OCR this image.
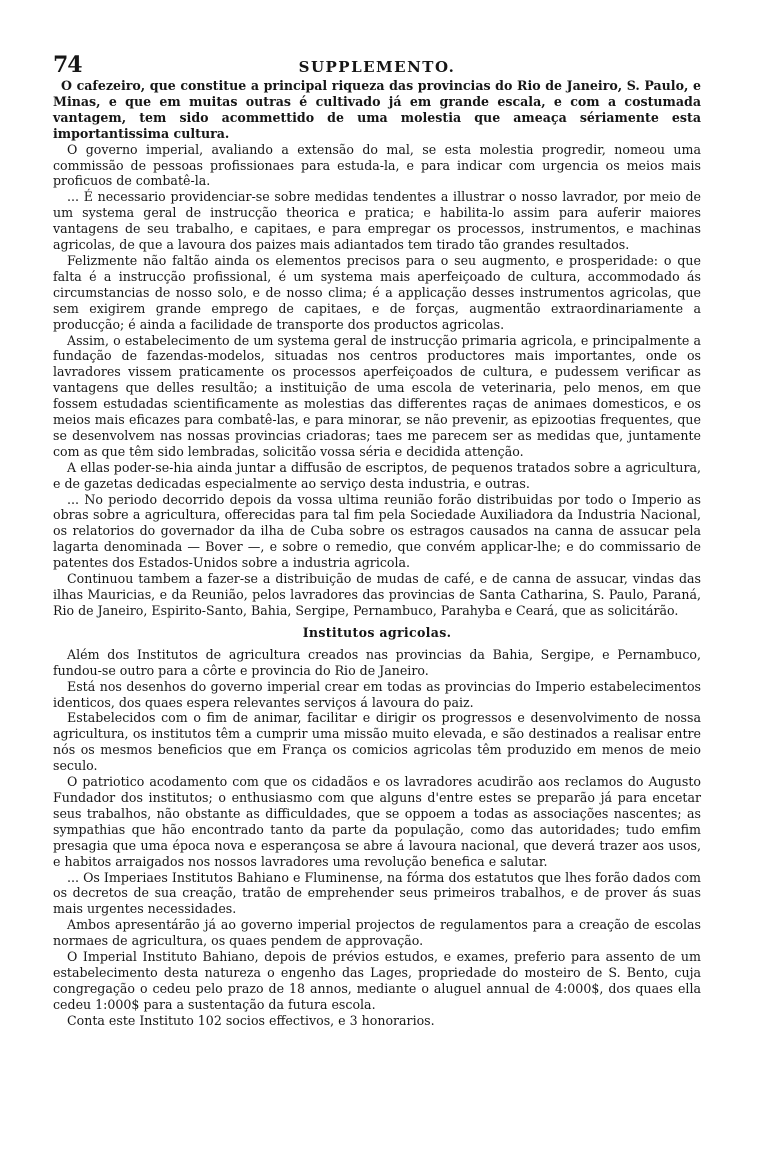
74	SUPPLEMENTO.

O cafezeiro, que constitue a principal riqueza das provincias do Rio de Janeiro, S. Paulo, e Minas, e que em muitas outras é cultivado já em grande escala, e com a costumada vantagem, tem sido acommettido de uma molestia que ameaça sériamente esta importantissima cultura.

O governo imperial, avaliando a extensão do mal, se esta molestia progredir, nomeou uma commissão de pessoas profissionaes para estuda-la, e para indicar com urgencia os meios mais proficuos de combatê-la.

... É necessario providenciar-se sobre medidas tendentes a illustrar o nosso lavrador, por meio de um systema geral de instrucção theorica e pratica; e habilita-lo assim para auferir maiores vantagens de seu trabalho, e capitaes, e para empregar os processos, instrumentos, e machinas agricolas, de que a lavoura dos paizes mais adiantados tem tirado tão grandes resultados.

Felizmente não faltão ainda os elementos precisos para o seu augmento, e prosperidade: o que falta é a instrucção profissional, é um systema mais aperfeiçoado de cultura, accommodado ás circumstancias de nosso solo, e de nosso clima; é a applicação desses instrumentos agricolas, que sem exigirem grande emprego de capitaes, e de forças, augmentão extraordinariamente a producção; é ainda a facilidade de transporte dos productos agricolas.

Assim, o estabelecimento de um systema geral de instrucção primaria agricola, e principalmente a fundação de fazendas-modelos, situadas nos centros productores mais importantes, onde os lavradores vissem praticamente os processos aperfeiçoados de cultura, e pudessem verificar as vantagens que delles resultão; a instituição de uma escola de veterinaria, pelo menos, em que fossem estudadas scientificamente as molestias das differentes raças de animaes domesticos, e os meios mais eficazes para combatê-las, e para minorar, se não prevenir, as epizootias frequentes, que se desenvolvem nas nossas provincias criadoras; taes me parecem ser as medidas que, juntamente com as que têm sido lembradas, solicitão vossa séria e decidida attenção.

A ellas poder-se-hia ainda juntar a diffusão de escriptos, de pequenos tratados sobre a agricultura, e de gazetas dedicadas especialmente ao serviço desta industria, e outras.

... No periodo decorrido depois da vossa ultima reunião forão distribuidas por todo o Imperio as obras sobre a agricultura, offerecidas para tal fim pela Sociedade Auxiliadora da Industria Nacional, os relatorios do governador da ilha de Cuba sobre os estragos causados na canna de assucar pela lagarta denominada — Bover —, e sobre o remedio, que convém applicar-lhe; e do commissario de patentes dos Estados-Unidos sobre a industria agricola.

Continuou tambem a fazer-se a distribuição de mudas de café, e de canna de assucar, vindas das ilhas Mauricias, e da Reunião, pelos lavradores das provincias de Santa Catharina, S. Paulo, Paraná, Rio de Janeiro, Espirito-Santo, Bahia, Sergipe, Pernambuco, Parahyba e Ceará, que as solicitárão.

Institutos agricolas.

Além dos Institutos de agricultura creados nas provincias da Bahia, Sergipe, e Pernambuco, fundou-se outro para a côrte e provincia do Rio de Janeiro.

Está nos desenhos do governo imperial crear em todas as provincias do Imperio estabelecimentos identicos, dos quaes espera relevantes serviços á lavoura do paiz.

Estabelecidos com o fim de animar, facilitar e dirigir os progressos e desenvolvimento de nossa agricultura, os institutos têm a cumprir uma missão muito elevada, e são destinados a realisar entre nós os mesmos beneficios que em França os comicios agricolas têm produzido em menos de meio seculo.

O patriotico acodamento com que os cidadãos e os lavradores acudirão aos reclamos do Augusto Fundador dos institutos; o enthusiasmo com que alguns d'entre estes se preparão já para encetar seus trabalhos, não obstante as difficuldades, que se oppoem a todas as associações nascentes; as sympathias que hão encontrado tanto da parte da população, como das autoridades; tudo emfim presagia que uma época nova e esperançosa se abre á lavoura nacional, que deverá trazer aos usos, e habitos arraigados nos nossos lavradores uma revolução benefica e salutar.

... Os Imperiaes Institutos Bahiano e Fluminense, na fórma dos estatutos que lhes forão dados com os decretos de sua creação, tratão de emprehender seus primeiros trabalhos, e de prover ás suas mais urgentes necessidades.

Ambos apresentárão já ao governo imperial projectos de regulamentos para a creação de escolas normaes de agricultura, os quaes pendem de approvação.

O Imperial Instituto Bahiano, depois de prévios estudos, e exames, preferio para assento de um estabelecimento desta natureza o engenho das Lages, propriedade do mosteiro de S. Bento, cuja congregação o cedeu pelo prazo de 18 annos, mediante o aluguel annual de 4:000$, dos quaes ella cedeu 1:000$ para a sustentação da futura escola.

Conta este Instituto 102 socios effectivos, e 3 honorarios.
